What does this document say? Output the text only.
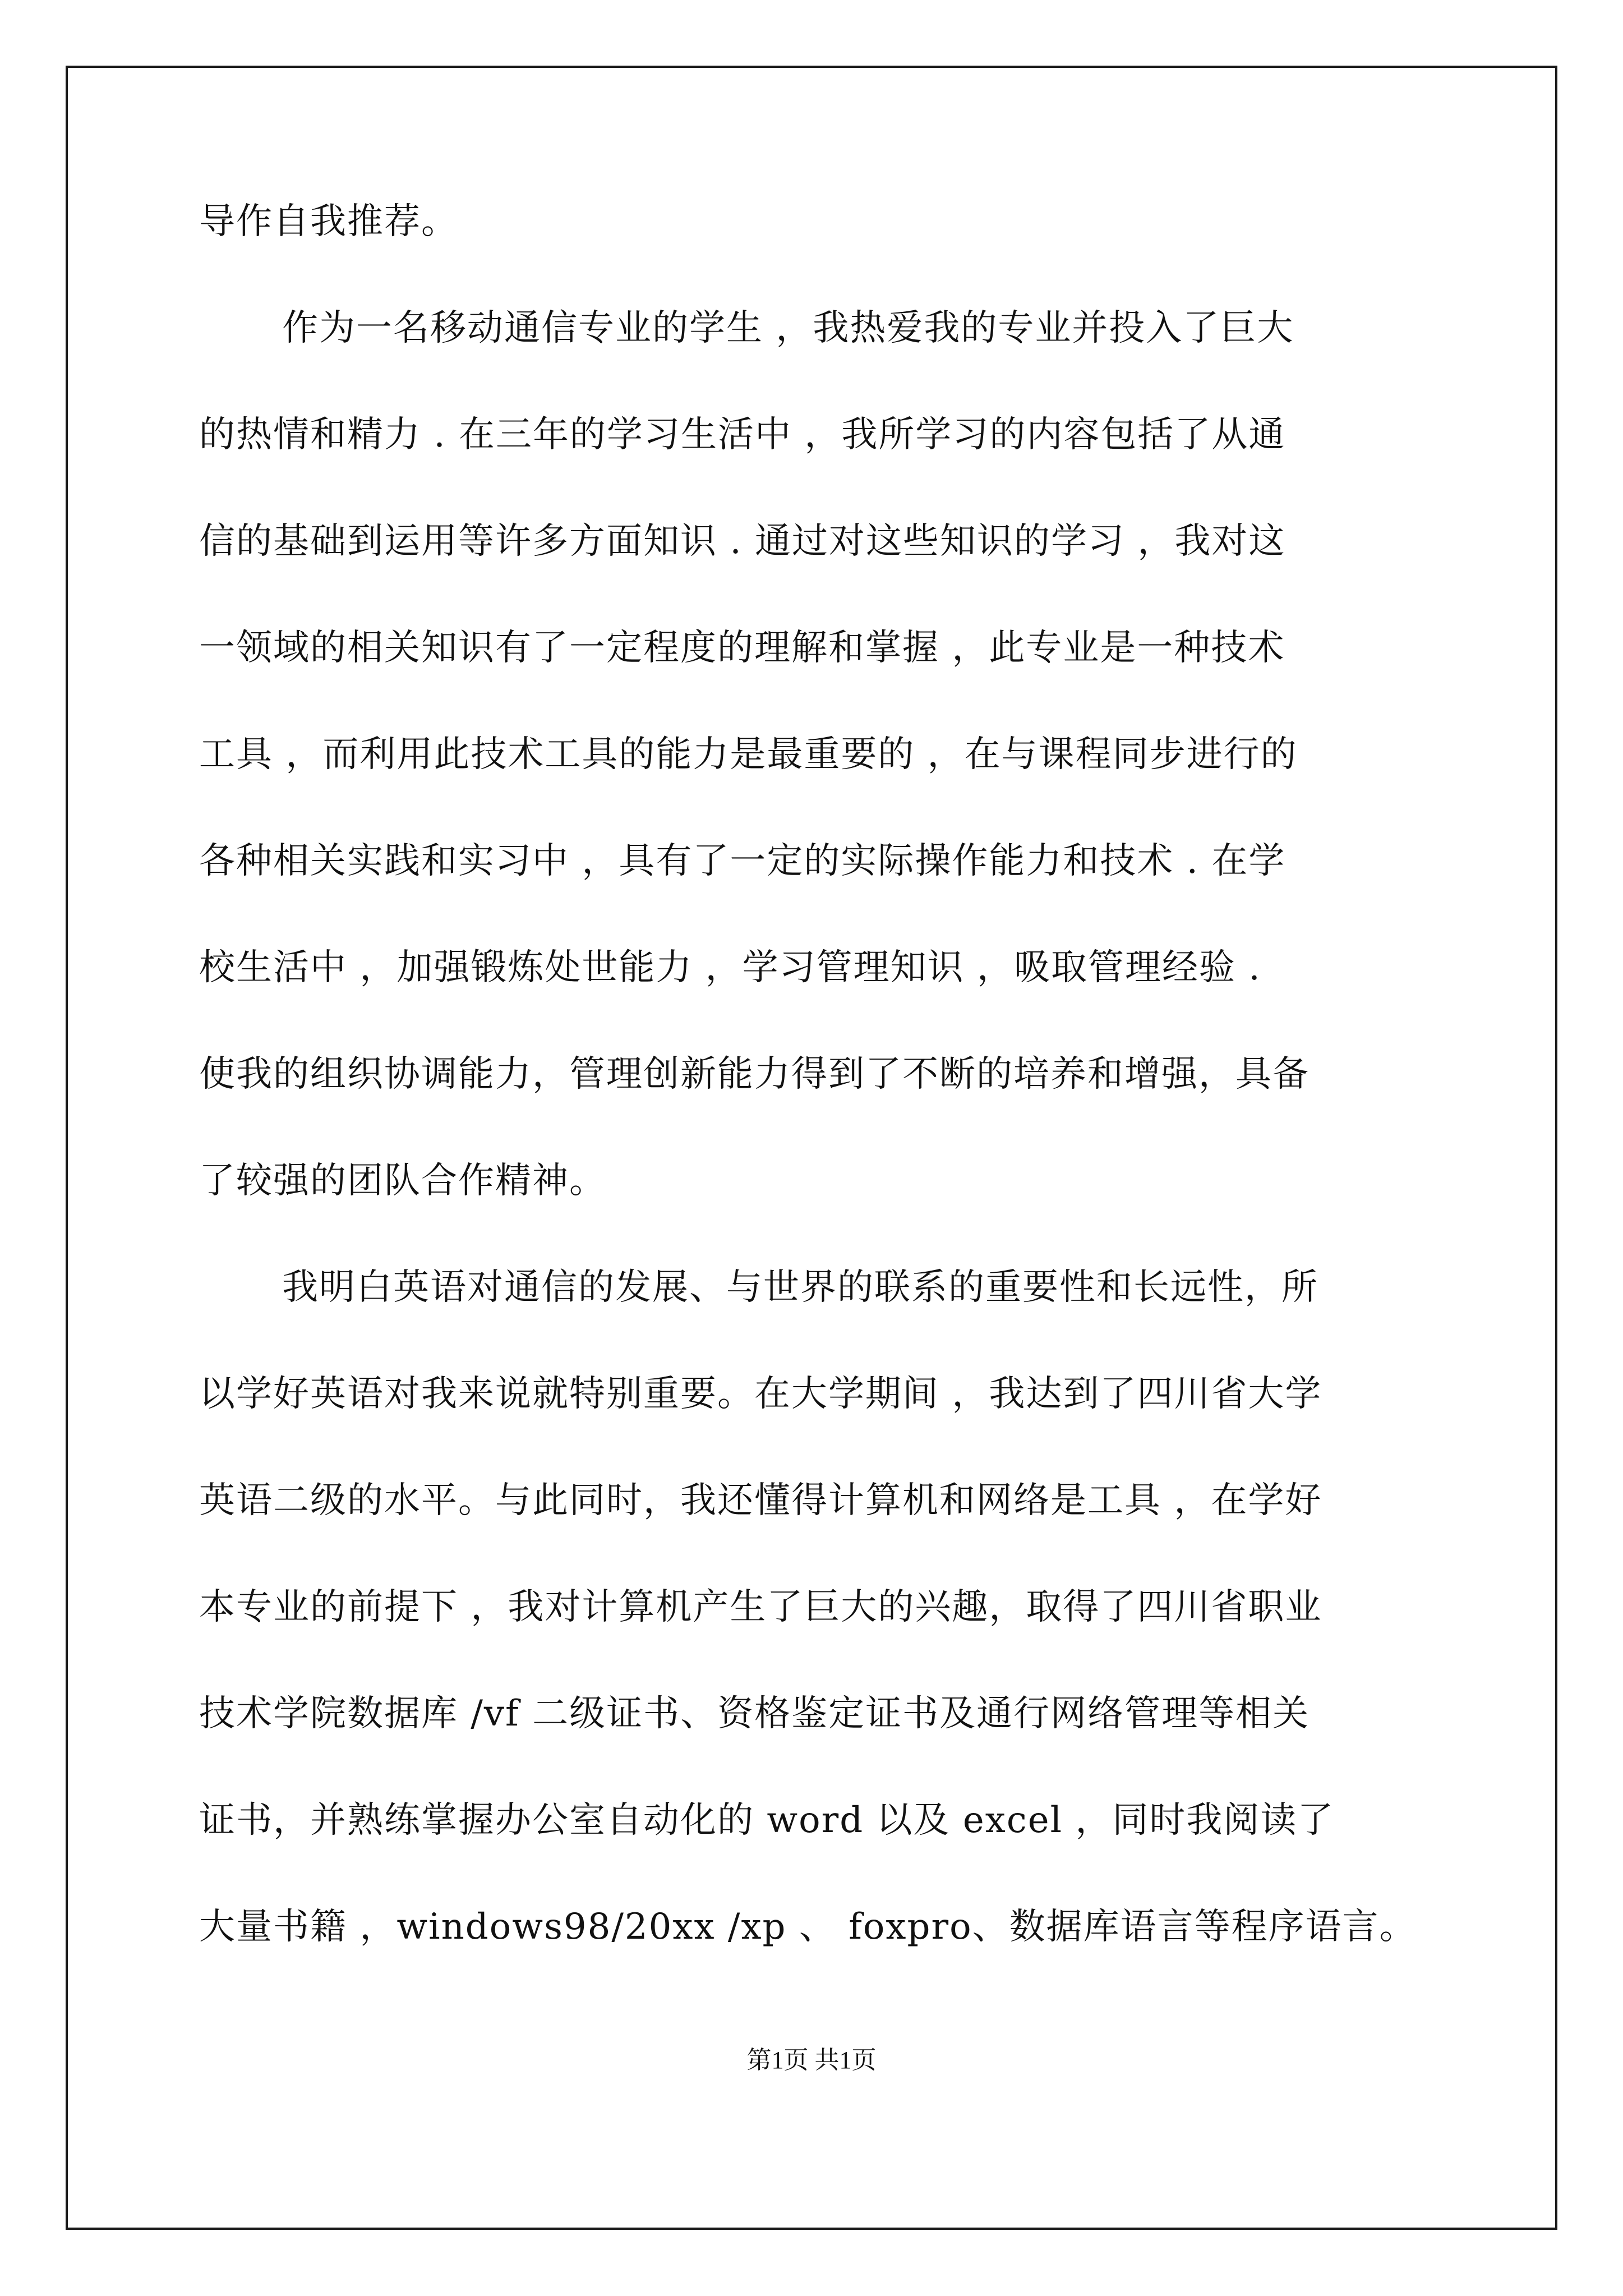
导作自我推荐。
作为一名移动通信专业的学生 ，我热爱我的专业并投入了巨大
的热情和精力 . 在三年的学习生活中 ，我所学习的内容包括了从通
信的基础到运用等许多方面知识 . 通过对这些知识的学习 ，我对这
一领域的相关知识有了一定程度的理解和掌握 ，此专业是一种技术
工具 ，而利用此技术工具的能力是最重要的 ，在与课程同步进行的
各种相关实践和实习中 ，具有了一定的实际操作能力和技术 . 在学
校生活中 ，加强锻炼处世能力 ，学习管理知识 ，吸取管理经验 .
使我的组织协调能力，管理创新能力得到了不断的培养和增强，具备
了较强的团队合作精神。
我明白英语对通信的发展、与世界的联系的重要性和长远性，所
以学好英语对我来说就特别重要。在大学期间 ，我达到了四川省大学
英语二级的水平。与此同时，我还懂得计算机和网络是工具 ，在学好
本专业的前提下 ，我对计算机产生了巨大的兴趣，取得了四川省职业
技术学院数据库 /vf 二级证书、资格鉴定证书及通行网络管理等相关
证书，并熟练掌握办公室自动化的 word 以及 excel ，同时我阅读了
大量书籍 ，windows98/20xx /xp 、 foxpro、数据库语言等程序语言。
第1页 共1页
